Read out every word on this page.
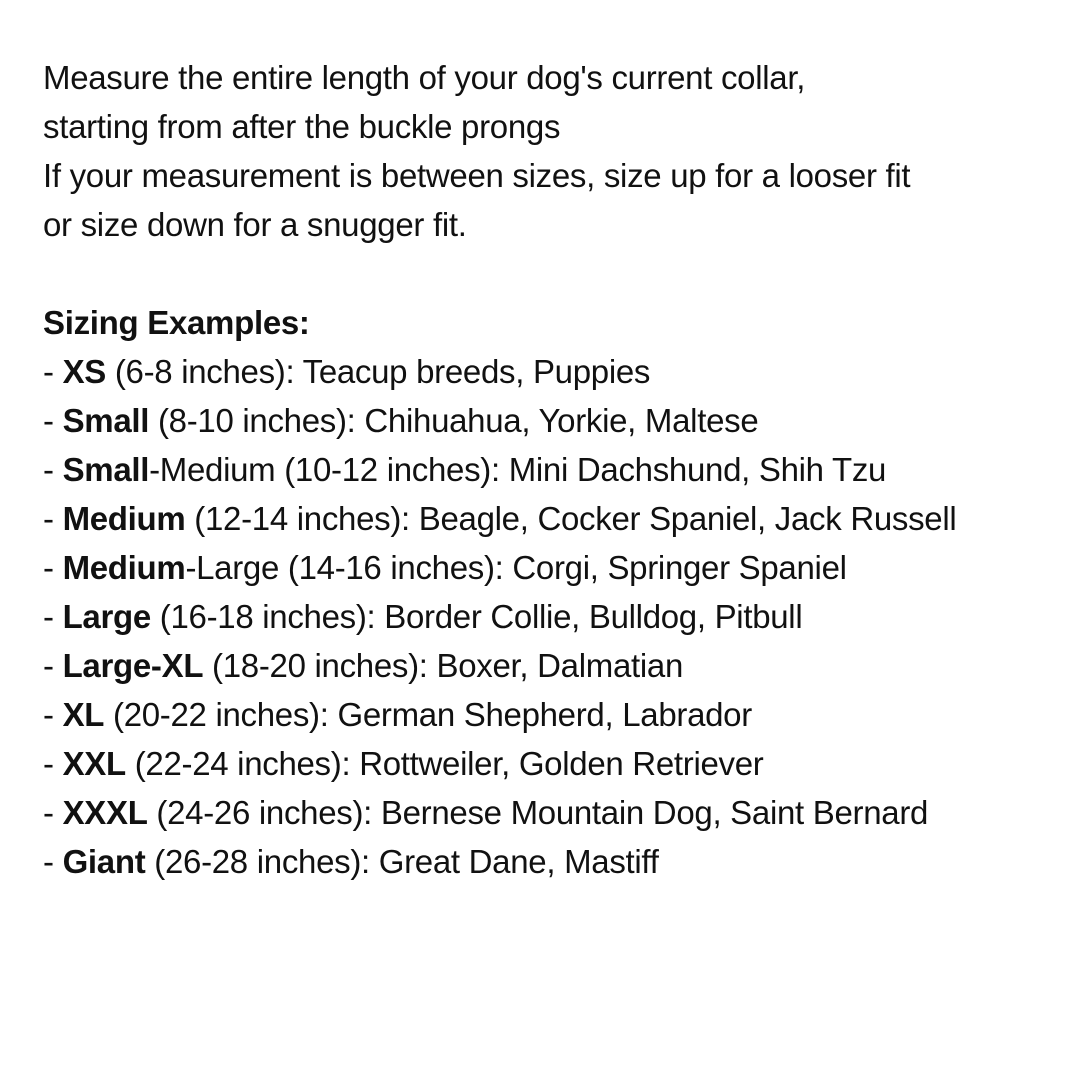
Measure the entire length of your dog's current collar,
starting from after the buckle prongs
If your measurement is between sizes, size up for a looser fit
or size down for a snugger fit.
Sizing Examples:
- XS (6-8 inches): Teacup breeds, Puppies
- Small (8-10 inches): Chihuahua, Yorkie, Maltese
- Small-Medium (10-12 inches): Mini Dachshund, Shih Tzu
- Medium (12-14 inches): Beagle, Cocker Spaniel, Jack Russell
- Medium-Large (14-16 inches): Corgi, Springer Spaniel
- Large (16-18 inches): Border Collie, Bulldog, Pitbull
- Large-XL (18-20 inches): Boxer, Dalmatian
- XL (20-22 inches): German Shepherd, Labrador
- XXL (22-24 inches): Rottweiler, Golden Retriever
- XXXL (24-26 inches): Bernese Mountain Dog, Saint Bernard
- Giant (26-28 inches): Great Dane, Mastiff
